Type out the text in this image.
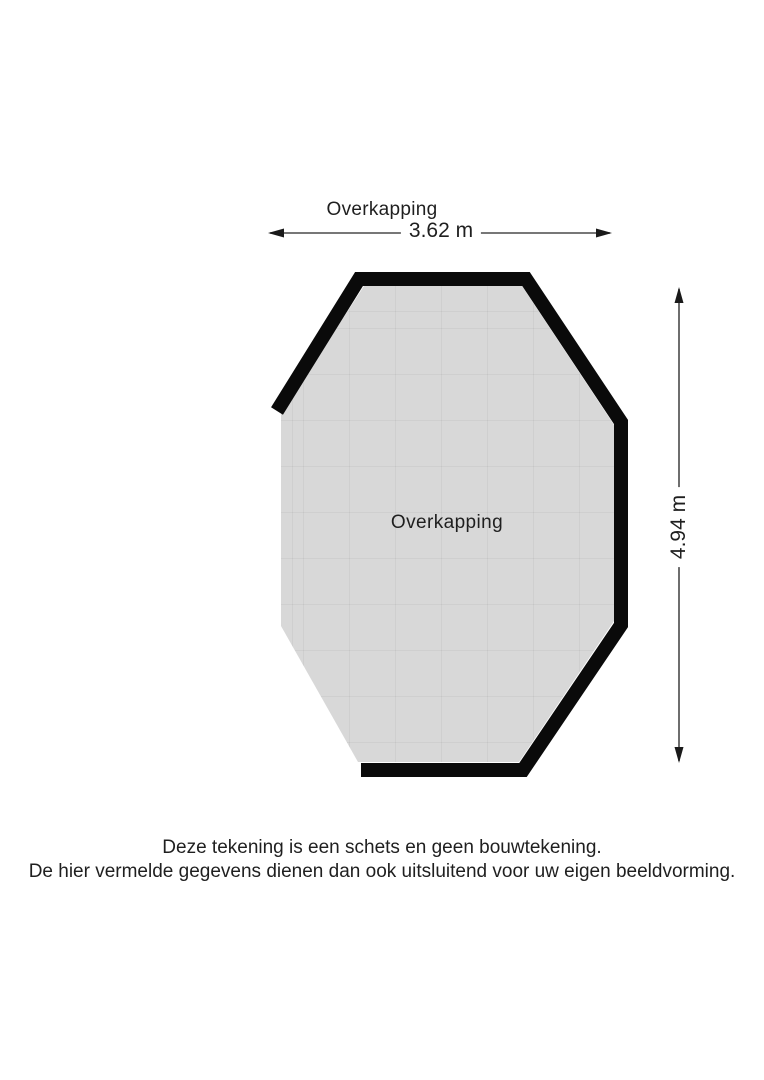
Overkapping
3.62 m
Overkapping	4.94 m
Deze tekening is een schets en geen bouwtekening.
De hier vermelde gegevens dienen dan ook uitsluitend voor uw eigen beeldvorming.
